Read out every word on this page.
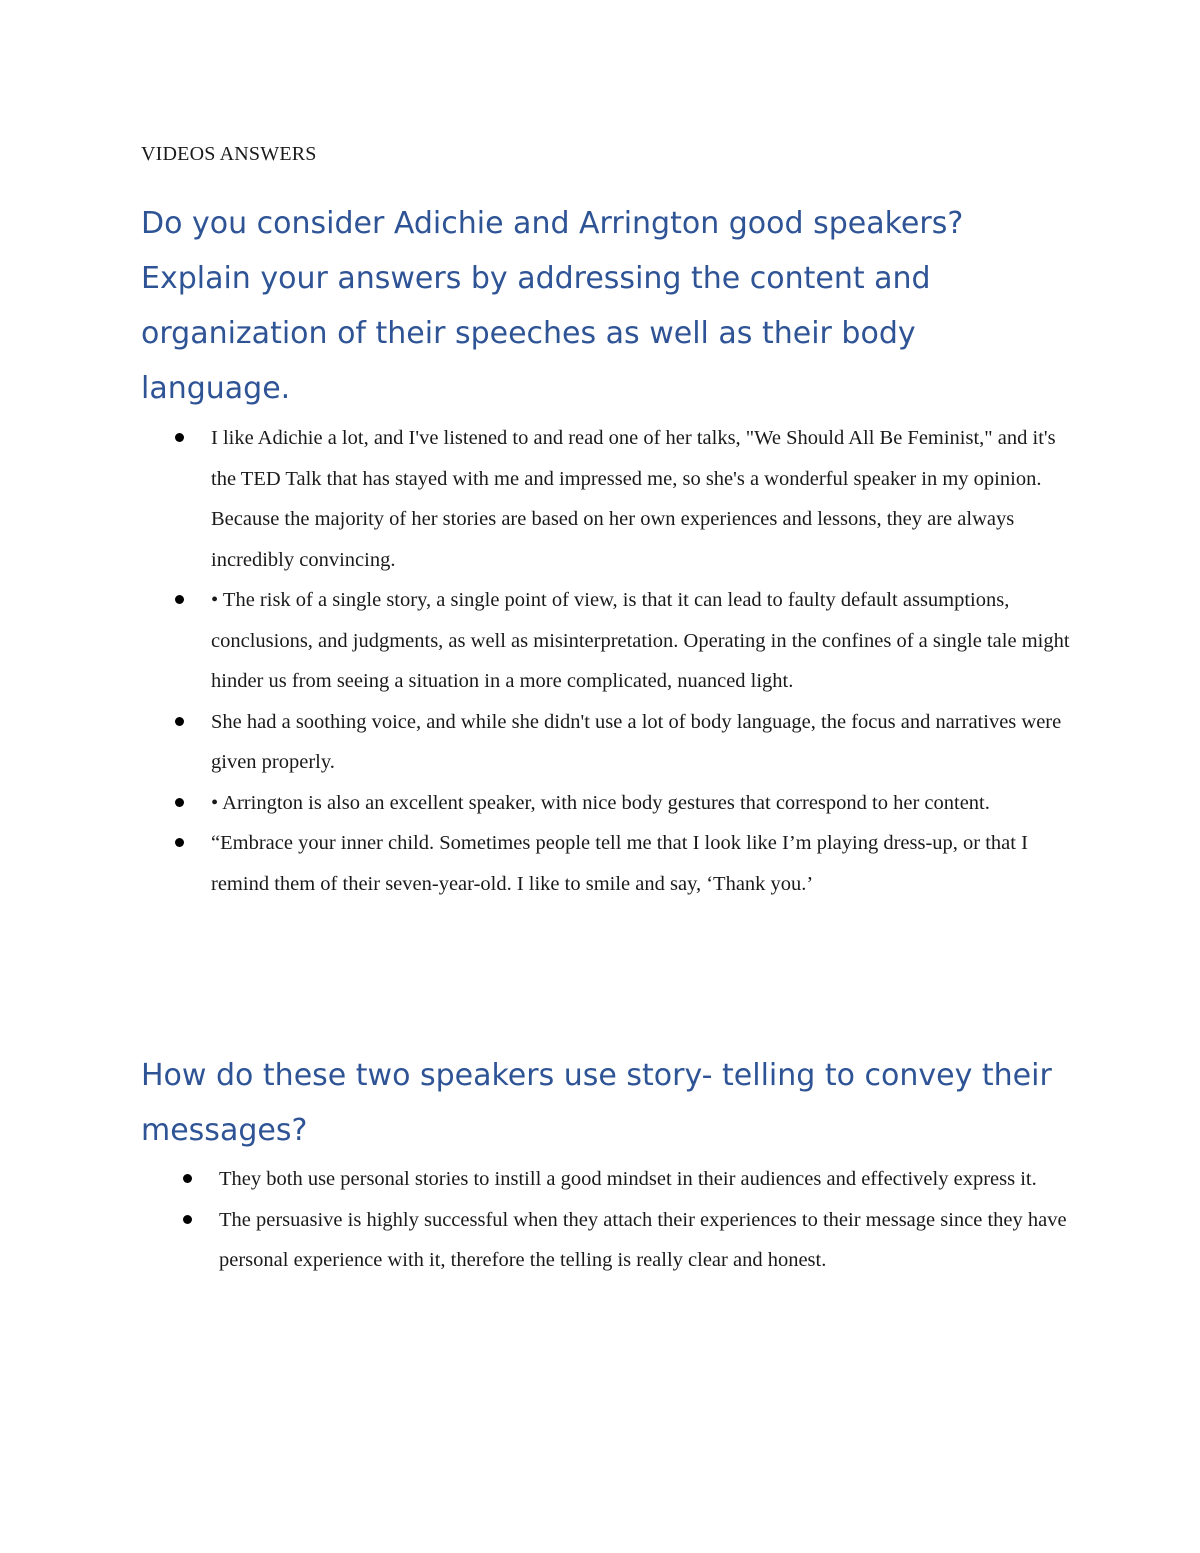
VIDEOS ANSWERS
Do you consider Adichie and Arrington good speakers? Explain your answers by addressing the content and organization of their speeches as well as their body language.
I like Adichie a lot, and I've listened to and read one of her talks, "We Should All Be Feminist," and it's the TED Talk that has stayed with me and impressed me, so she's a wonderful speaker in my opinion. Because the majority of her stories are based on her own experiences and lessons, they are always incredibly convincing.
• The risk of a single story, a single point of view, is that it can lead to faulty default assumptions, conclusions, and judgments, as well as misinterpretation. Operating in the confines of a single tale might hinder us from seeing a situation in a more complicated, nuanced light.
She had a soothing voice, and while she didn't use a lot of body language, the focus and narratives were given properly.
• Arrington is also an excellent speaker, with nice body gestures that correspond to her content.
“Embrace your inner child. Sometimes people tell me that I look like I’m playing dress-up, or that I remind them of their seven-year-old. I like to smile and say, ‘Thank you.’
How do these two speakers use story- telling to convey their messages?
They both use personal stories to instill a good mindset in their audiences and effectively express it.
The persuasive is highly successful when they attach their experiences to their message since they have personal experience with it, therefore the telling is really clear and honest.
